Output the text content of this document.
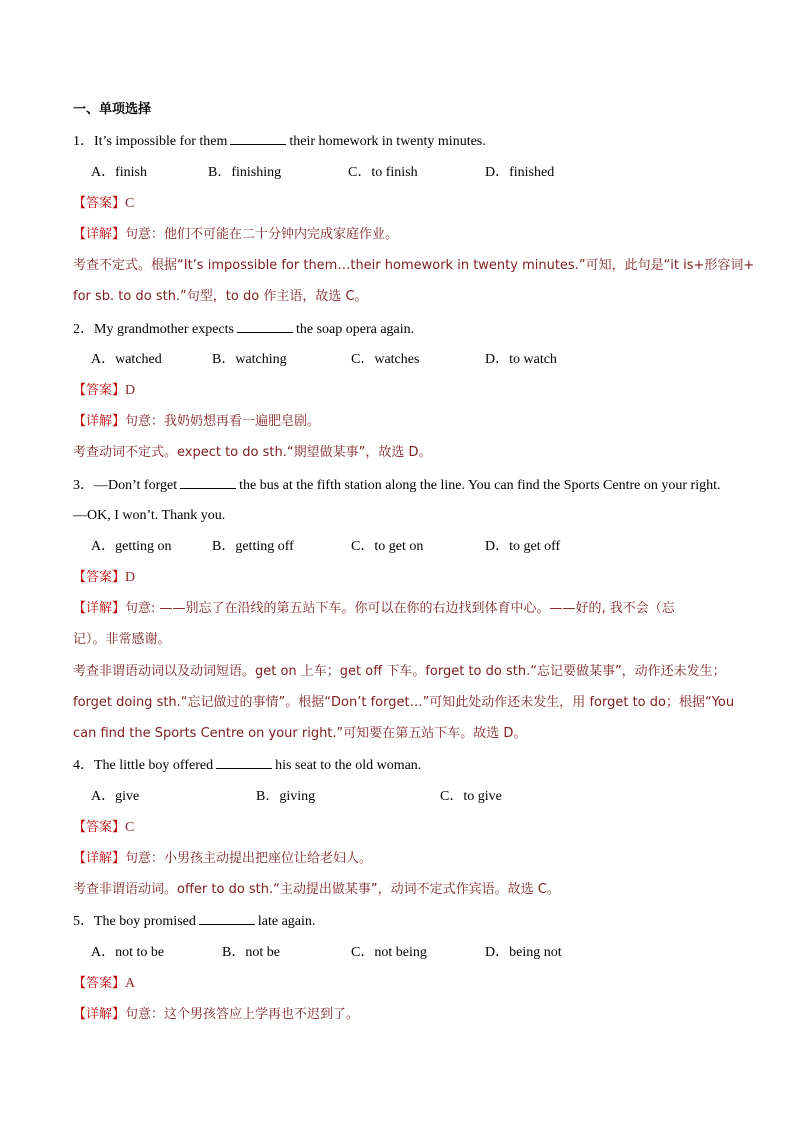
一、单项选择
1．It’s impossible for them	their homework in twenty minutes.
A．finish	B．finishing	C．to finish	D．finished
【答案】C
【详解】句意：他们不可能在二十分钟内完成家庭作业。
考查不定式。根据“It’s impossible for them…their homework in twenty minutes.”可知，此句是“it is+形容词+
for sb. to do sth.”句型，to do 作主语，故选 C。
2．My grandmother expects	the soap opera again.
A．watched	B．watching	C．watches	D．to watch
【答案】D
【详解】句意：我奶奶想再看一遍肥皂剧。
考查动词不定式。expect to do sth.“期望做某事”，故选 D。
3．—Don’t forget	the bus at the fifth station along the line. You can find the Sports Centre on your right.
—OK, I won’t. Thank you.
A．getting on	B．getting off	C．to get on	D．to get off
【答案】D
【详解】句意: ——别忘了在沿线的第五站下车。你可以在你的右边找到体育中心。——好的, 我不会（忘
记）。非常感谢。
考查非谓语动词以及动词短语。get on 上车；get off 下车。forget to do sth.“忘记要做某事”，动作还未发生；
forget doing sth.“忘记做过的事情”。根据“Don’t forget…”可知此处动作还未发生，用 forget to do；根据“You
can find the Sports Centre on your right.”可知要在第五站下车。故选 D。
4．The little boy offered	his seat to the old woman.
A．give	B．giving	C．to give
【答案】C
【详解】句意：小男孩主动提出把座位让给老妇人。
考查非谓语动词。offer to do sth.“主动提出做某事”，动词不定式作宾语。故选 C。
5．The boy promised	late again.
A．not to be	B．not be	C．not being	D．being not
【答案】A
【详解】句意：这个男孩答应上学再也不迟到了。
